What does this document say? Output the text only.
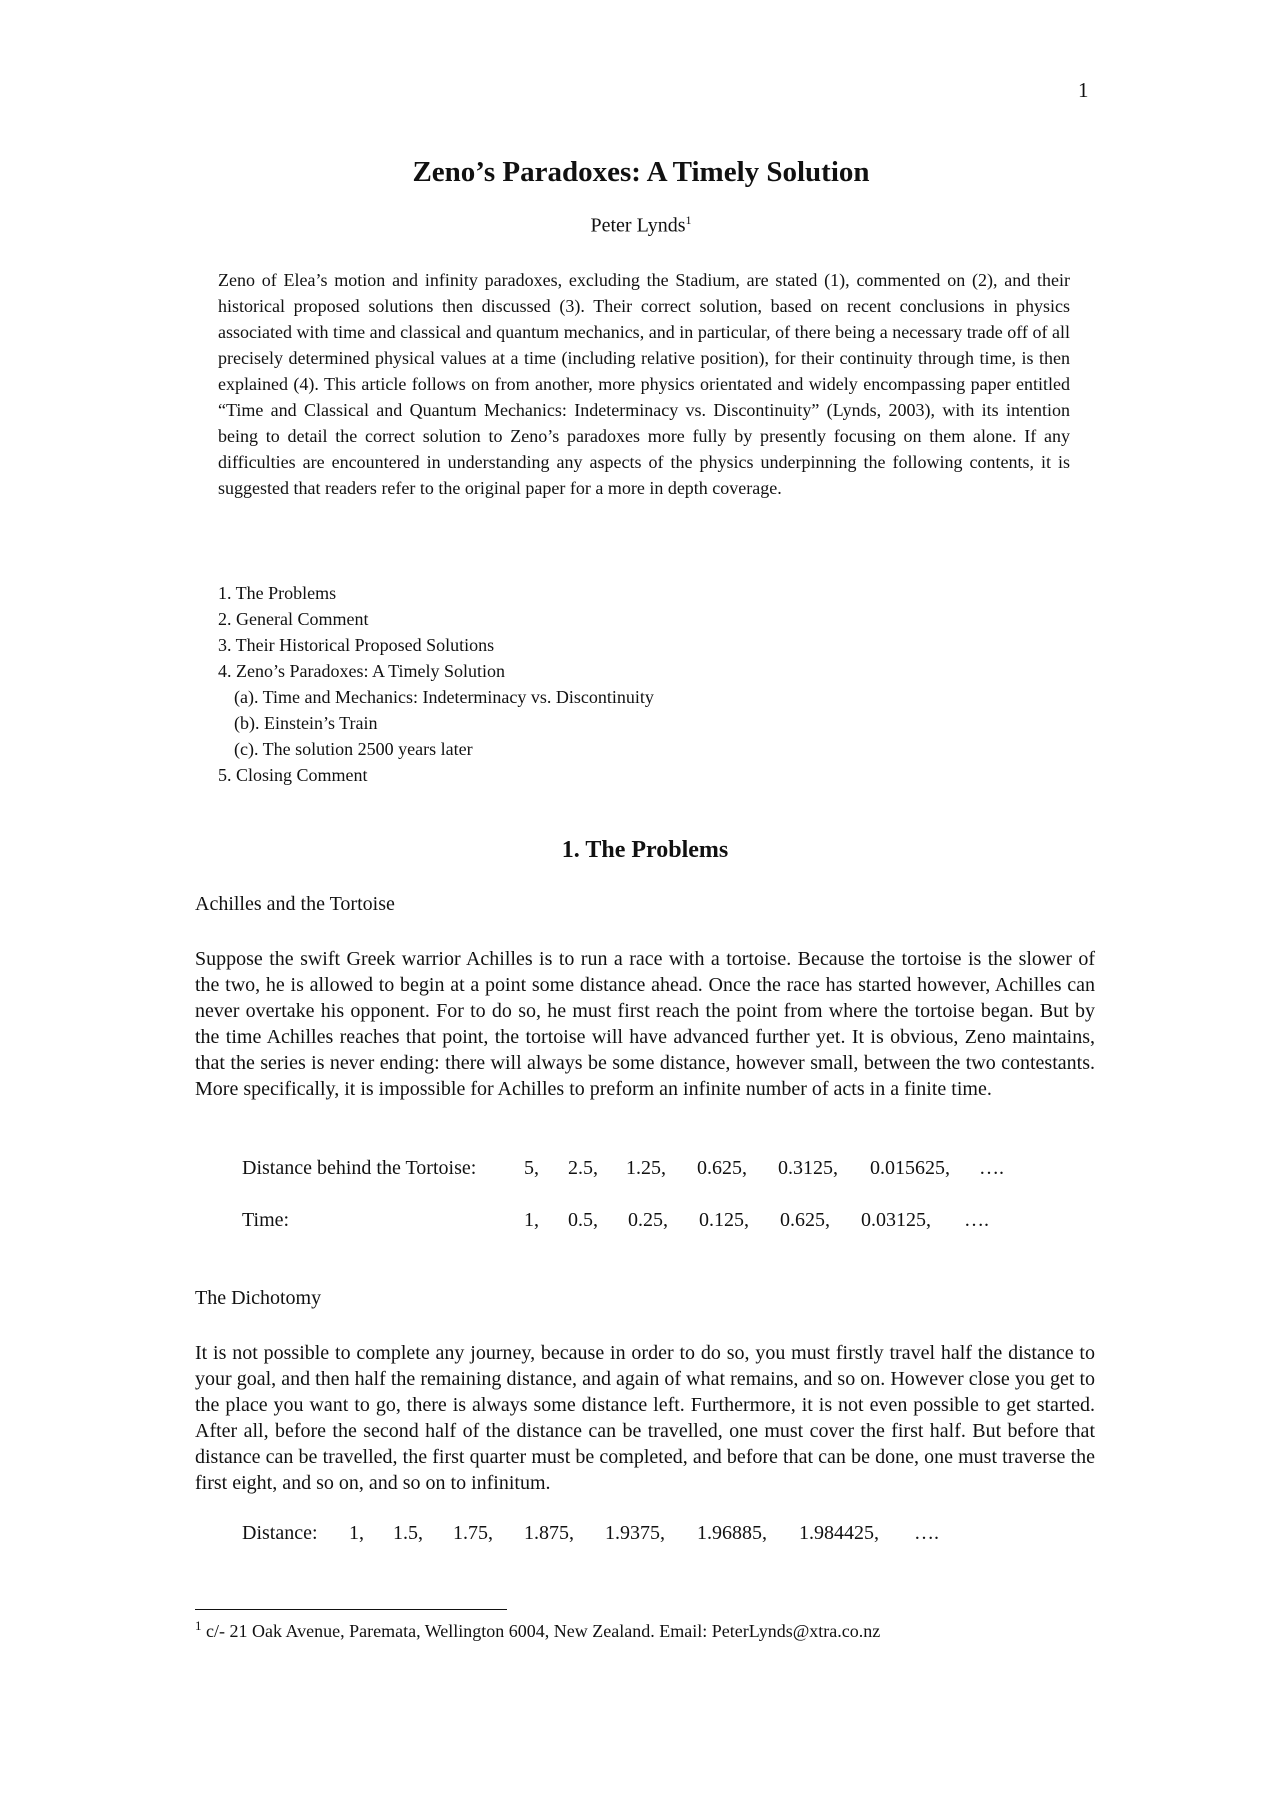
1
Zeno’s Paradoxes: A Timely Solution
Peter Lynds$^1$
Zeno of Elea’s motion and infinity paradoxes, excluding the Stadium, are stated (1), commented on (2), and their historical proposed solutions then discussed (3). Their correct solution, based on recent conclusions in physics associated with time and classical and quantum mechanics, and in particular, of there being a necessary trade off of all precisely determined physical values at a time (including relative position), for their continuity through time, is then explained (4). This article follows on from another, more physics orientated and widely encompassing paper entitled “Time and Classical and Quantum Mechanics: Indeterminacy vs. Discontinuity” (Lynds, 2003), with its intention being to detail the correct solution to Zeno’s paradoxes more fully by presently focusing on them alone. If any difficulties are encountered in understanding any aspects of the physics underpinning the following contents, it is suggested that readers refer to the original paper for a more in depth coverage.
1. The Problems
2. General Comment
3. Their Historical Proposed Solutions
4. Zeno’s Paradoxes: A Timely Solution
(a). Time and Mechanics: Indeterminacy vs. Discontinuity
(b). Einstein’s Train
(c). The solution 2500 years later
5. Closing Comment
1. The Problems
Achilles and the Tortoise
Suppose the swift Greek warrior Achilles is to run a race with a tortoise. Because the tortoise is the slower of the two, he is allowed to begin at a point some distance ahead. Once the race has started however, Achilles can never overtake his opponent. For to do so, he must first reach the point from where the tortoise began. But by the time Achilles reaches that point, the tortoise will have advanced further yet. It is obvious, Zeno maintains, that the series is never ending: there will always be some distance, however small, between the two contestants. More specifically, it is impossible for Achilles to preform an infinite number of acts in a finite time.
Distance behind the Tortoise: 5, 2.5, 1.25, 0.625, 0.3125, 0.015625, ….
Time:	1, 0.5, 0.25, 0.125, 0.625, 0.03125, ….
The Dichotomy
It is not possible to complete any journey, because in order to do so, you must firstly travel half the distance to your goal, and then half the remaining distance, and again of what remains, and so on. However close you get to the place you want to go, there is always some distance left. Furthermore, it is not even possible to get started. After all, before the second half of the distance can be travelled, one must cover the first half. But before that distance can be travelled, the first quarter must be completed, and before that can be done, one must traverse the first eight, and so on, and so on to infinitum.
Distance: 1, 1.5, 1.75, 1.875, 1.9375, 1.96885, 1.984425, ….
$^1$ c/- 21 Oak Avenue, Paremata, Wellington 6004, New Zealand. Email: PeterLynds@xtra.co.nz
